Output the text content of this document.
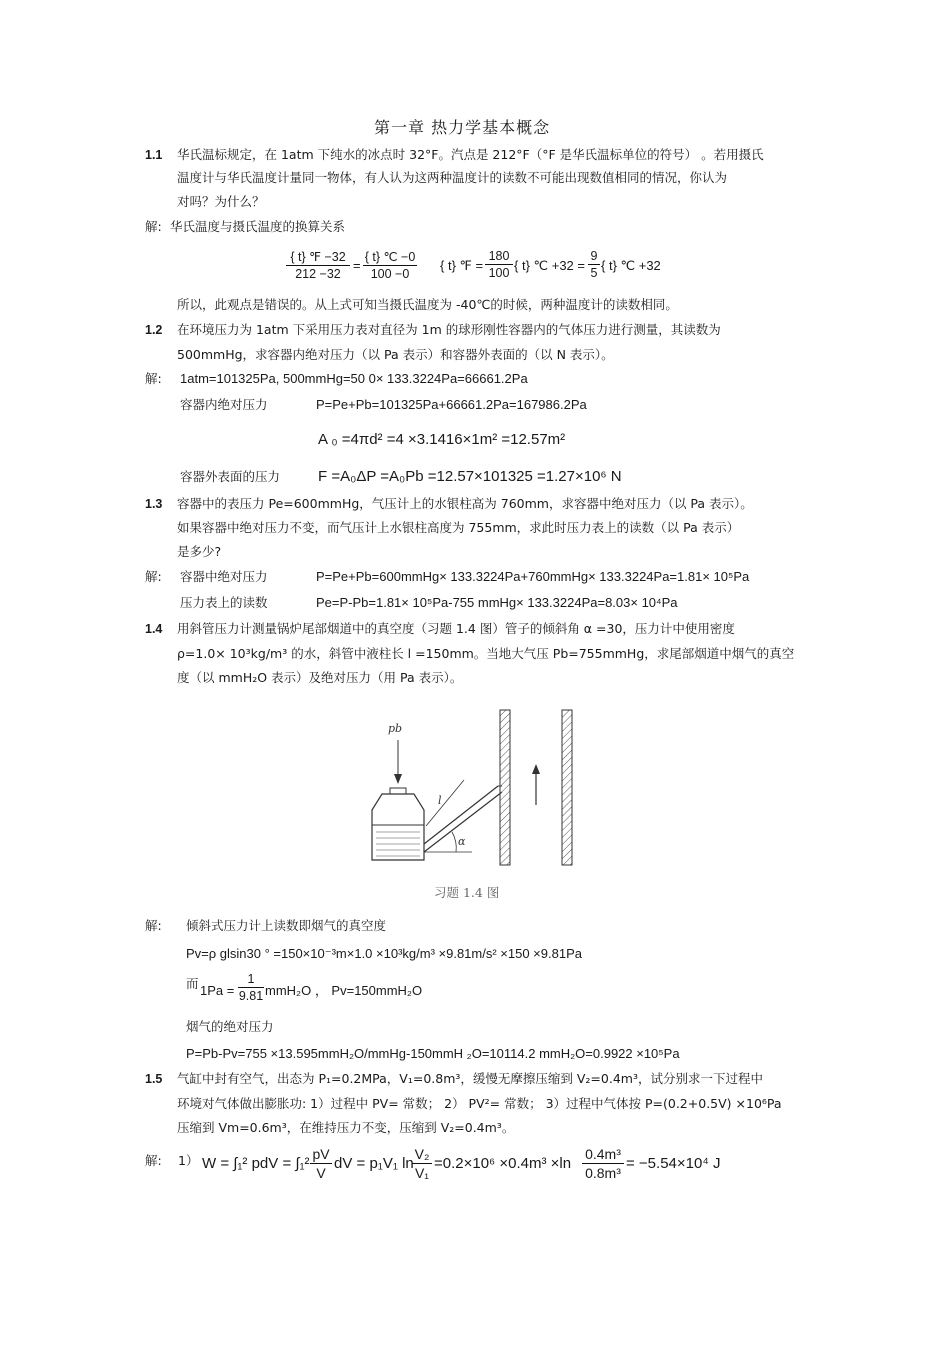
第一章 热力学基本概念
1.1 华氏温标规定，在 1atm 下纯水的冰点时 32°F。汽点是 212°F（°F 是华氏温标单位的符号） 。若用摄氏
温度计与华氏温度计量同一物体，有人认为这两种温度计的读数不可能出现数值相同的情况，你认为
对吗？为什么？
解: 华氏温度与摄氏温度的换算关系
{ t} ℉ −32
212 −32
=
{ t} ℃ −0
100 −0
{ t} ℉ =
180
100 { t} ℃ +32 =
9
5 { t} ℃ +32
所以，此观点是错误的。从上式可知当摄氏温度为 -40℃的时候，两种温度计的读数相同。
1.2 在环境压力为 1atm 下采用压力表对直径为 1m 的球形刚性容器内的气体压力进行测量，其读数为
500mmHg，求容器内绝对压力（以 Pa 表示）和容器外表面的（以 N 表示）。
解: 1atm=101325Pa, 500mmHg=50 0× 133.3224Pa=66661.2Pa
容器内绝对压力	P=Pe+Pb=101325Pa+66661.2Pa=167986.2Pa
A ₀ =4πd² =4 ×3.1416×1m² =12.57m²
容器外表面的压力	F =A₀ΔP =A₀Pb =12.57×101325 =1.27×10⁶ N
1.3 容器中的表压力 Pe=600mmHg，气压计上的水银柱高为 760mm，求容器中绝对压力（以 Pa 表示）。
如果容器中绝对压力不变，而气压计上水银柱高度为 755mm，求此时压力表上的读数（以 Pa 表示）
是多少?
解: 容器中绝对压力	P=Pe+Pb=600mmHg× 133.3224Pa+760mmHg× 133.3224Pa=1.81× 10⁵Pa
压力表上的读数	Pe=P-Pb=1.81× 10⁵Pa-755 mmHg× 133.3224Pa=8.03× 10⁴Pa
1.4 用斜管压力计测量锅炉尾部烟道中的真空度（习题 1.4 图）管子的倾斜角 α =30，压力计中使用密度
ρ=1.0× 10³kg/m³ 的水，斜管中液柱长 l =150mm。当地大气压 Pb=755mmHg，求尾部烟道中烟气的真空
度（以 mmH₂O 表示）及绝对压力（用 Pa 表示）。
pb
l
α
习题 1.4 图
解: 倾斜式压力计上读数即烟气的真空度
Pv=ρ glsin30 ° =150×10⁻³m×1.0 ×10³kg/m³ ×9.81m/s² ×150 ×9.81Pa
而 1Pa =
1
9.81 mmH₂O ， Pv=150mmH₂O
烟气的绝对压力
P=Pb-Pv=755 ×13.595mmH₂O/mmHg-150mmH ₂O=10114.2 mmH₂O=0.9922 ×10⁵Pa
1.5 气缸中封有空气，出态为 P₁=0.2MPa，V₁=0.8m³，缓慢无摩擦压缩到 V₂=0.4m³，试分别求一下过程中
环境对气体做出膨胀功: 1）过程中 PV= 常数； 2） PV²= 常数； 3）过程中气体按 P=(0.2+0.5V) ×10⁶Pa
压缩到 Vm=0.6m³，在维持压力不变，压缩到 V₂=0.4m³。
解: 1） W = ∫₁² pdV = ∫₁²
pV
V
dV = p₁V₁ ln
V₂
V₁
=0.2×10⁶ ×0.4m³ ×ln
0.4m³
0.8m³
= −5.54×10⁴ J
